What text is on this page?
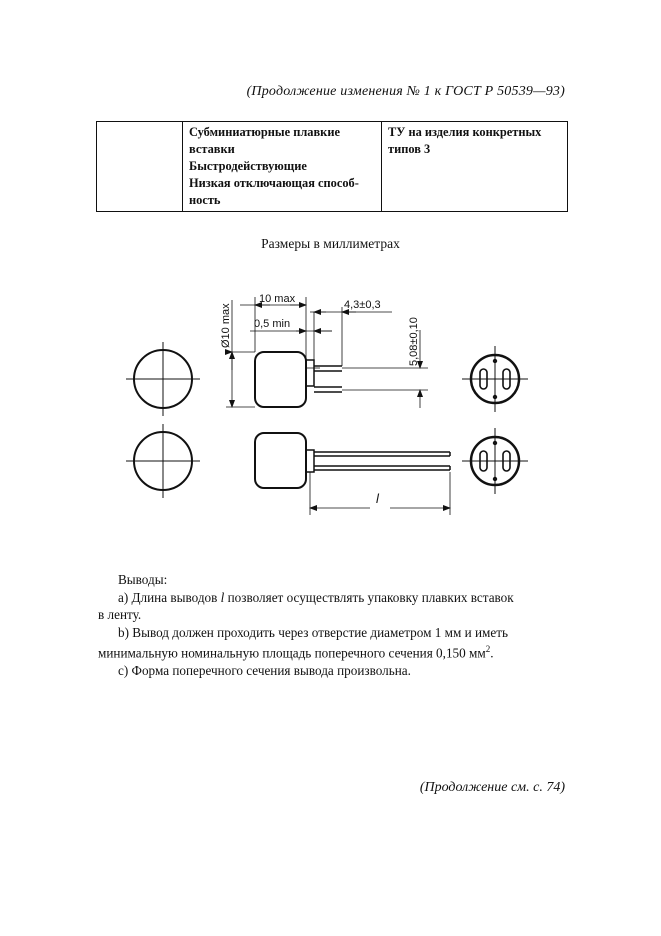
(Продолжение изменения № 1 к ГОСТ Р 50539—93)

Субминиатюрные плавкие
вставки
Быстродействующие
Низкая отключающая способ-
ность

ТУ на изделия конкретных
типов 3
Размеры в миллиметрах
Ø10 max
10 max
0,5 min
4,3±0,3
5,08±0,10
l

Выводы:

а) Длина выводов l позволяет осуществлять упаковку плавких вставок

в ленту.

b) Вывод должен проходить через отверстие диаметром 1 мм и иметь

минимальную номинальную площадь поперечного сечения 0,150 $мм^2$.

c) Форма поперечного сечения вывода произвольна.

(Продолжение см. с. 74)
